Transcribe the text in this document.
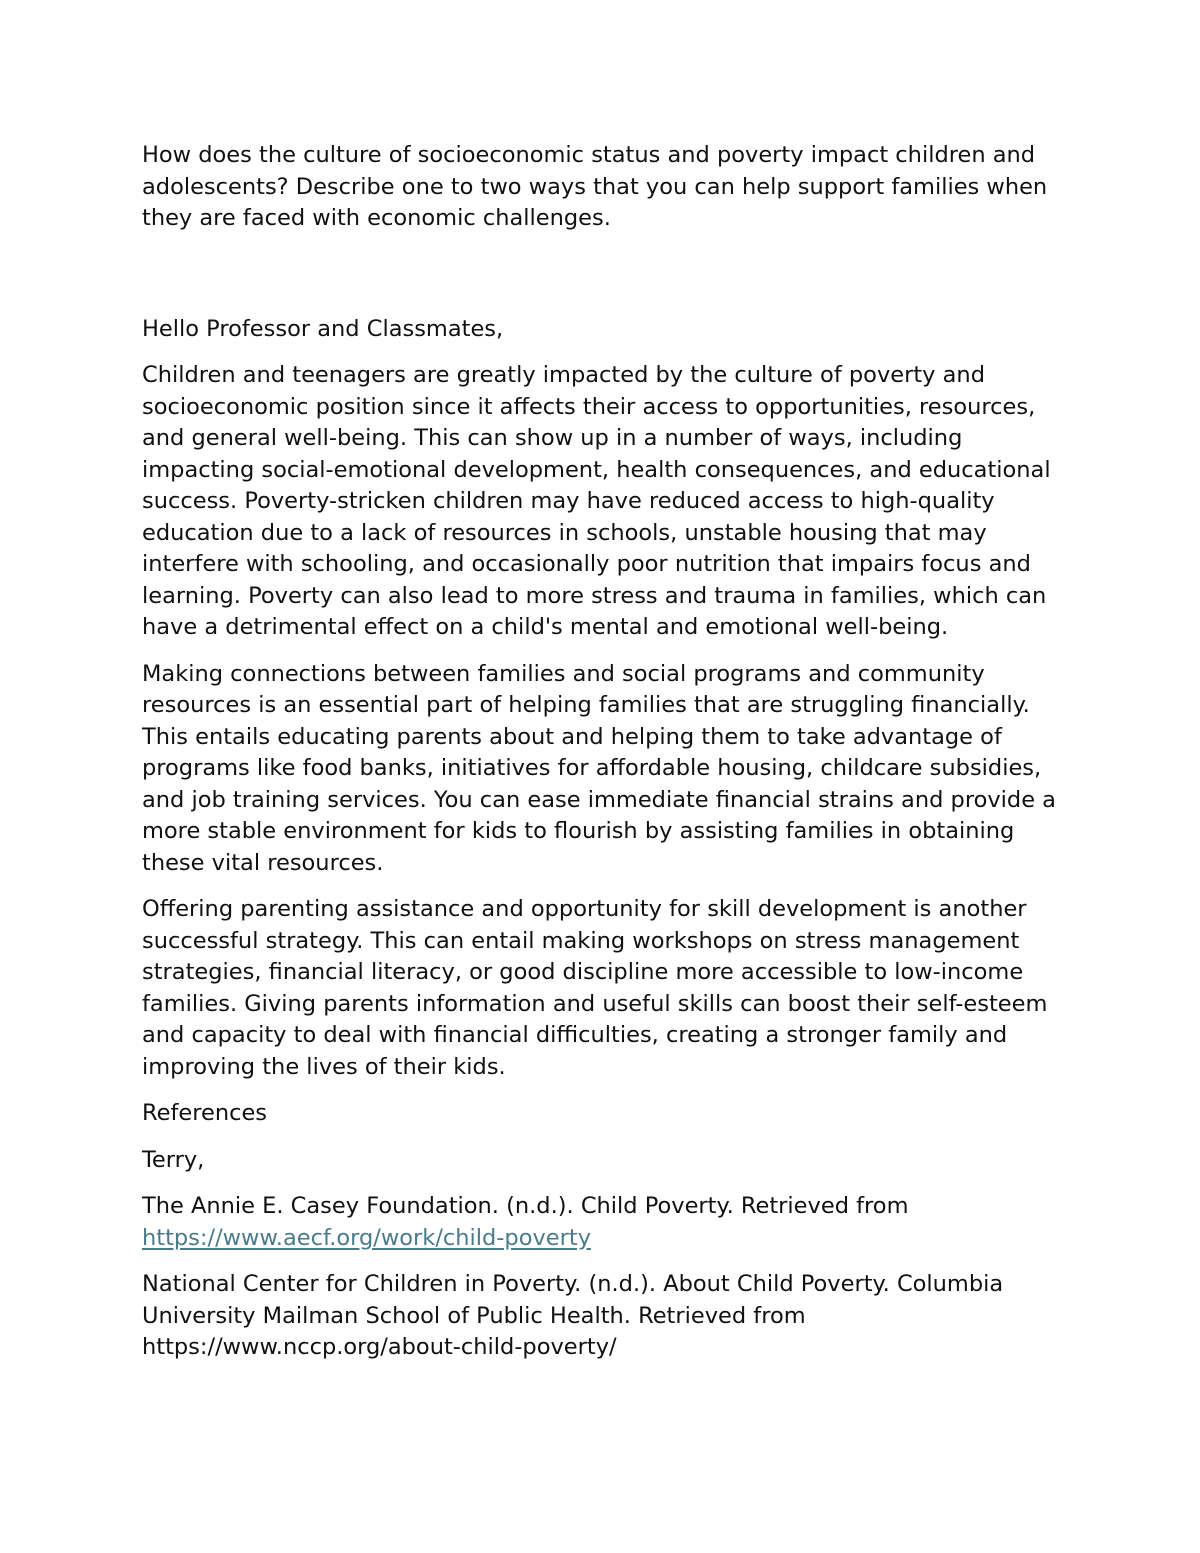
How does the culture of socioeconomic status and poverty impact children and adolescents? Describe one to two ways that you can help support families when they are faced with economic challenges.

Hello Professor and Classmates,

Children and teenagers are greatly impacted by the culture of poverty and socioeconomic position since it affects their access to opportunities, resources, and general well-being. This can show up in a number of ways, including impacting social-emotional development, health consequences, and educational success. Poverty-stricken children may have reduced access to high-quality education due to a lack of resources in schools, unstable housing that may interfere with schooling, and occasionally poor nutrition that impairs focus and learning. Poverty can also lead to more stress and trauma in families, which can have a detrimental effect on a child's mental and emotional well-being.

Making connections between families and social programs and community resources is an essential part of helping families that are struggling financially. This entails educating parents about and helping them to take advantage of programs like food banks, initiatives for affordable housing, childcare subsidies, and job training services. You can ease immediate financial strains and provide a more stable environment for kids to flourish by assisting families in obtaining these vital resources.

Offering parenting assistance and opportunity for skill development is another successful strategy. This can entail making workshops on stress management strategies, financial literacy, or good discipline more accessible to low-income families. Giving parents information and useful skills can boost their self-esteem and capacity to deal with financial difficulties, creating a stronger family and improving the lives of their kids.

References

Terry,

The Annie E. Casey Foundation. (n.d.). Child Poverty. Retrieved from
https://www.aecf.org/work/child-poverty

National Center for Children in Poverty. (n.d.). About Child Poverty. Columbia University Mailman School of Public Health. Retrieved from https://www.nccp.org/about-child-poverty/
